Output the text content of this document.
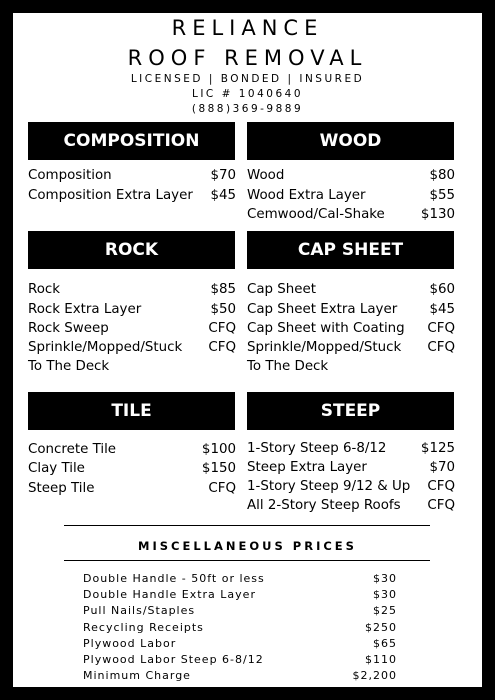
RELIANCE
ROOF REMOVAL
LICENSED | BONDED | INSURED
LIC # 1040640
(888)369-9889
COMPOSITION
Composition	$70
Composition Extra Layer $45
WOOD
Wood	$80
Wood Extra Layer	$55
Cemwood/Cal-Shake	$130
ROCK
Rock	$85
Rock Extra Layer	$50
Rock Sweep	CFQ
Sprinkle/Mopped/Stuck CFQ
To The Deck
CAP SHEET
Cap Sheet	$60
Cap Sheet Extra Layer $45
Cap Sheet with Coating CFQ
Sprinkle/Mopped/Stuck CFQ
To The Deck
TILE
Concrete Tile	$100
Clay Tile	$150
Steep Tile	CFQ
STEEP
1-Story Steep 6-8/12	$125
Steep Extra Layer	$70
1-Story Steep 9/12 & Up CFQ
All 2-Story Steep Roofs CFQ
MISCELLANEOUS PRICES
Double Handle - 50ft or less	$30
Double Handle Extra Layer	$30
Pull Nails/Staples	$25
Recycling Receipts	$250
Plywood Labor	$65
Plywood Labor Steep 6-8/12	$110
Minimum Charge	$2,200
